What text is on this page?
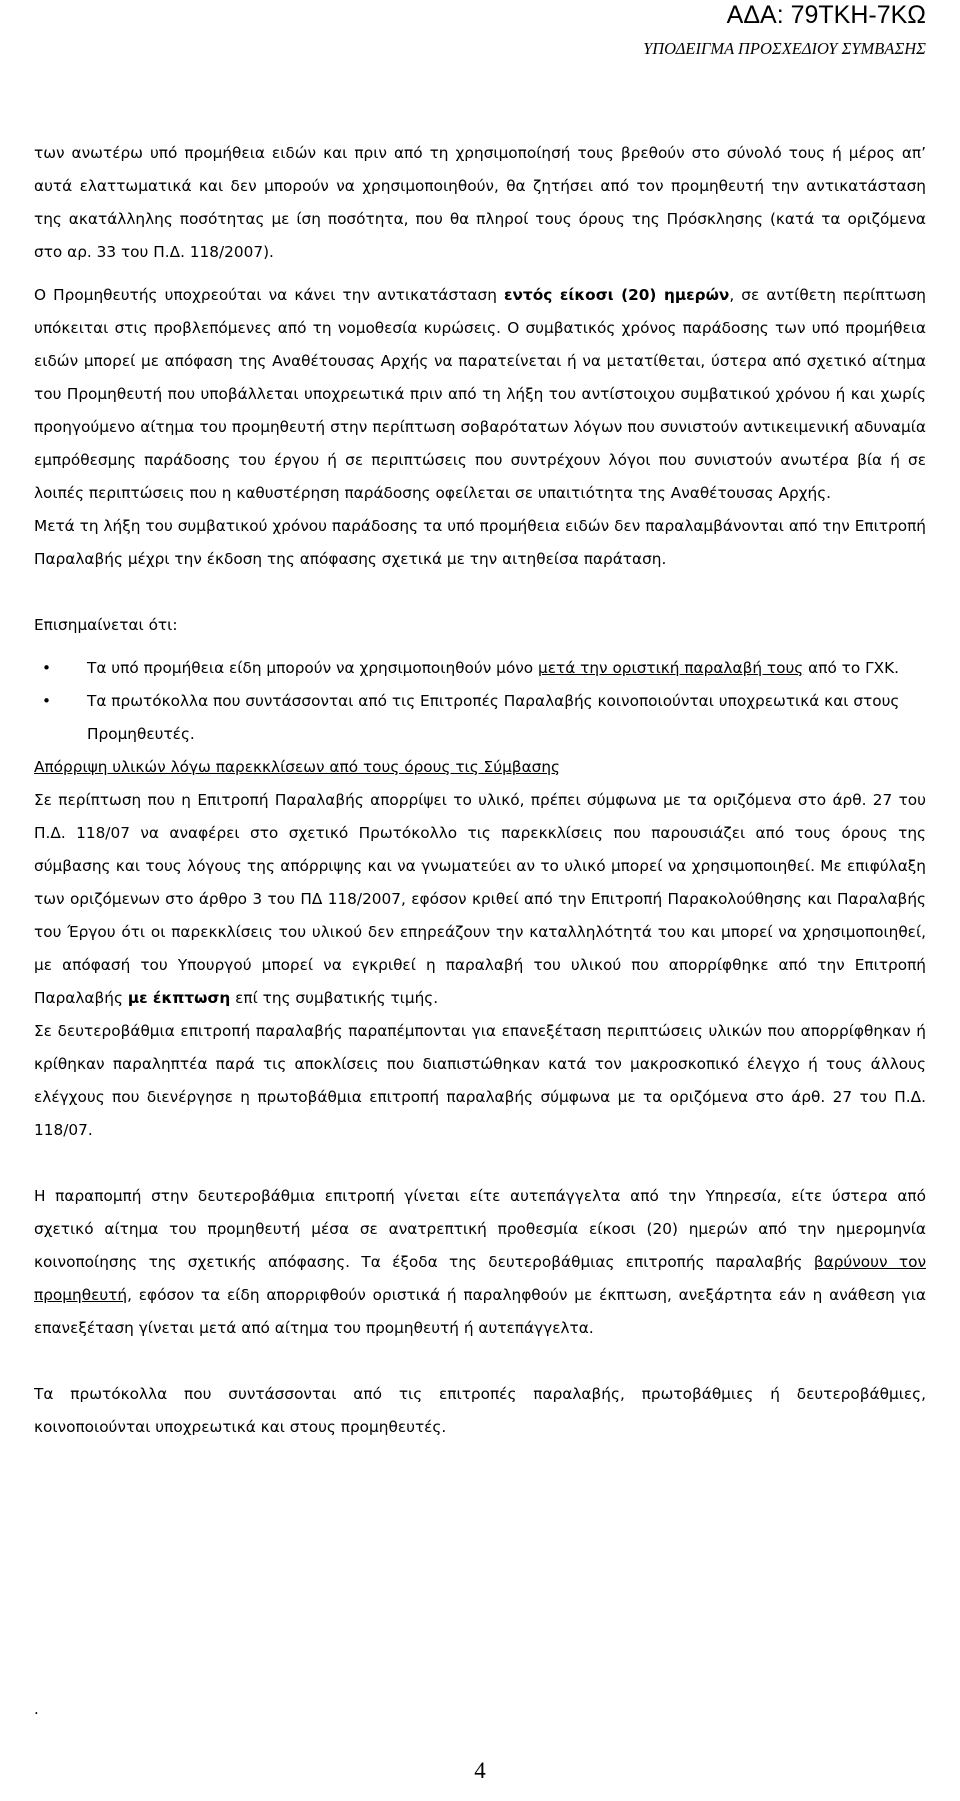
ΑΔΑ: 79ΤΚΗ-7ΚΩ
ΥΠΟΔΕΙΓΜΑ ΠΡΟΣΧΕΔΙΟΥ ΣΥΜΒΑΣΗΣ

των ανωτέρω υπό προμήθεια ειδών και πριν από τη χρησιμοποίησή τους βρεθούν στο σύνολό τους ή μέρος απ’ αυτά ελαττωματικά και δεν μπορούν να χρησιμοποιηθούν, θα ζητήσει από τον προμηθευτή την αντικατάσταση της ακατάλληλης ποσότητας με ίση ποσότητα, που θα πληροί τους όρους της Πρόσκλησης (κατά τα οριζόμενα στο αρ. 33 του Π.Δ. 118/2007).

Ο Προμηθευτής υποχρεούται να κάνει την αντικατάσταση εντός είκοσι (20) ημερών, σε αντίθετη περίπτωση υπόκειται στις προβλεπόμενες από τη νομοθεσία κυρώσεις. Ο συμβατικός χρόνος παράδοσης των υπό προμήθεια ειδών μπορεί με απόφαση της Αναθέτουσας Αρχής να παρατείνεται ή να μετατίθεται, ύστερα από σχετικό αίτημα του Προμηθευτή που υποβάλλεται υποχρεωτικά πριν από τη λήξη του αντίστοιχου συμβατικού χρόνου ή και χωρίς προηγούμενο αίτημα του προμηθευτή στην περίπτωση σοβαρότατων λόγων που συνιστούν αντικειμενική αδυναμία εμπρόθεσμης παράδοσης του έργου ή σε περιπτώσεις που συντρέχουν λόγοι που συνιστούν ανωτέρα βία ή σε λοιπές περιπτώσεις που η καθυστέρηση παράδοσης οφείλεται σε υπαιτιότητα της Αναθέτουσας Αρχής.

Μετά τη λήξη του συμβατικού χρόνου παράδοσης τα υπό προμήθεια ειδών δεν παραλαμβάνονται από την Επιτροπή Παραλαβής μέχρι την έκδοση της απόφασης σχετικά με την αιτηθείσα παράταση.

Επισημαίνεται ότι:

• Τα υπό προμήθεια είδη μπορούν να χρησιμοποιηθούν μόνο μετά την οριστική παραλαβή τους από το ΓΧΚ.
• Τα πρωτόκολλα που συντάσσονται από τις Επιτροπές Παραλαβής κοινοποιούνται υποχρεωτικά και στους Προμηθευτές.

Απόρριψη υλικών λόγω παρεκκλίσεων από τους όρους τις Σύμβασης

Σε περίπτωση που η Επιτροπή Παραλαβής απορρίψει το υλικό, πρέπει σύμφωνα με τα οριζόμενα στο άρθ. 27 του Π.Δ. 118/07 να αναφέρει στο σχετικό Πρωτόκολλο τις παρεκκλίσεις που παρουσιάζει από τους όρους της σύμβασης και τους λόγους της απόρριψης και να γνωματεύει αν το υλικό μπορεί να χρησιμοποιηθεί. Με επιφύλαξη των οριζόμενων στο άρθρο 3 του ΠΔ 118/2007, εφόσον κριθεί από την Επιτροπή Παρακολούθησης και Παραλαβής του Έργου ότι οι παρεκκλίσεις του υλικού δεν επηρεάζουν την καταλληλότητά του και μπορεί να χρησιμοποιηθεί, με απόφασή του Υπουργού μπορεί να εγκριθεί η παραλαβή του υλικού που απορρίφθηκε από την Επιτροπή Παραλαβής με έκπτωση επί της συμβατικής τιμής.

Σε δευτεροβάθμια επιτροπή παραλαβής παραπέμπονται για επανεξέταση περιπτώσεις υλικών που απορρίφθηκαν ή κρίθηκαν παραληπτέα παρά τις αποκλίσεις που διαπιστώθηκαν κατά τον μακροσκοπικό έλεγχο ή τους άλλους ελέγχους που διενέργησε η πρωτοβάθμια επιτροπή παραλαβής σύμφωνα με τα οριζόμενα στο άρθ. 27 του Π.Δ. 118/07.

Η παραπομπή στην δευτεροβάθμια επιτροπή γίνεται είτε αυτεπάγγελτα από την Υπηρεσία, είτε ύστερα από σχετικό αίτημα του προμηθευτή μέσα σε ανατρεπτική προθεσμία είκοσι (20) ημερών από την ημερομηνία κοινοποίησης της σχετικής απόφασης. Τα έξοδα της δευτεροβάθμιας επιτροπής παραλαβής βαρύνουν τον προμηθευτή, εφόσον τα είδη απορριφθούν οριστικά ή παραληφθούν με έκπτωση, ανεξάρτητα εάν η ανάθεση για επανεξέταση γίνεται μετά από αίτημα του προμηθευτή ή αυτεπάγγελτα.

Τα πρωτόκολλα που συντάσσονται από τις επιτροπές παραλαβής, πρωτοβάθμιες ή δευτεροβάθμιες, κοινοποιούνται υποχρεωτικά και στους προμηθευτές.

.
4
